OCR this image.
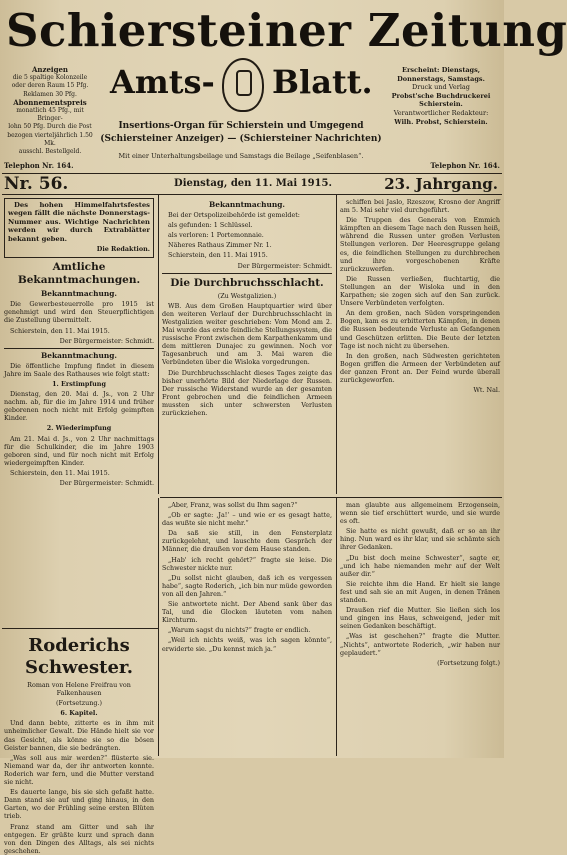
Schiersteiner Zeitung
Anzeigen
die 5 spaltige Kolonzeile
oder deren Raum 15 Pfg.
Reklamen 30 Pfg.
Abonnementspreis
monatlich 45 Pfg., mit Bringer-
lohn 50 Pfg. Durch die Post
bezogen vierteljährlich 1.50 Mk.
ausschl. Bestellgeld.
Amts- Blatt.	Erscheint: Dienstags,
Donnerstags, Samstags.
Druck und Verlag
Probst'sche Buchdruckerei
Schierstein.
Verantwortlicher Redakteur:
Wilh. Probst, Schierstein.
Insertions-Organ für Schierstein und Umgegend
(Schiersteiner Anzeiger) — (Schiersteiner Nachrichten)
Mit einer Unterhaltungsbeilage und Samstags die Beilage „Seifenblasen“.
Telephon Nr. 164.	Telephon Nr. 164.
Nr. 56.	Dienstag, den 11. Mai 1915.	23. Jahrgang.

Des hohen Himmelfahrtsfestes wegen fällt die nächste Donnerstags-Nummer aus. Wichtige Nachrichten werden wir durch Extrablätter bekannt geben.

Die Redaktion.

Amtliche Bekanntmachungen.
Bekanntmachung.

Die Gewerbesteuerrolle pro 1915 ist genehmigt und wird den Steuerpflichtigen die Zustellung übermittelt.

Schierstein, den 11. Mai 1915.

Der Bürgermeister: Schmidt.

Bekanntmachung.

Die öffentliche Impfung findet in diesem Jahre im Saale des Rathauses wie folgt statt:

1. Erstimpfung

Dienstag, den 20. Mai d. Js., von 2 Uhr nachm. ab, für die im Jahre 1914 und früher geborenen noch nicht mit Erfolg geimpften Kinder.

2. Wiederimpfung

Am 21. Mai d. Js., von 2 Uhr nachmittags für die Schulkinder, die im Jahre 1903 geboren sind, und für noch nicht mit Erfolg wiedergeimpften Kinder.

Schierstein, den 11. Mai 1915.

Der Bürgermeister: Schmidt.

Bekanntmachung.

Bei der Ortspolizeibehörde ist gemeldet:

als gefunden: 1 Schlüssel.

als verloren: 1 Portemonnaie.

Näheres Rathaus Zimmer Nr. 1.

Schierstein, den 11. Mai 1915.

Der Bürgermeister: Schmidt.

Die Durchbruchsschlacht.

(Zu Westgalizien.)

WB. Aus dem Großen Hauptquartier wird über den weiteren Verlauf der Durchbruchsschlacht in Westgalizien weiter geschrieben: Vom Mond am 2. Mai wurde das erste feindliche Stellungssystem, die russische Front zwischen dem Karpathenkamm und dem mittleren Dunajec zu gewinnen. Noch vor Tagesanbruch und am 3. Mai waren die Verbündeten über die Wisloka vorgedrungen.

Die Durchbruchsschlacht dieses Tages zeigte das bisher unerhörte Bild der Niederlage der Russen. Der russische Widerstand wurde an der gesamten Front gebrochen und die feindlichen Armeen mussten sich unter schwersten Verlusten zurückziehen.

schiffen bei Jaslo, Rzeszow, Krosno der Angriff am 5. Mai sehr viel durchgeführt.

Die Truppen des Generals von Emmich kämpften an diesem Tage nach den Russen heiß, während die Russen unter großen Verlusten Stellungen verloren. Der Heeresgruppe gelang es, die feindlichen Stellungen zu durchbrechen und ihre vorgeschobenen Kräfte zurückzuwerfen.

Die Russen verließen, fluchtartig, die Stellungen an der Wisloka und in den Karpathen; sie zogen sich auf den San zurück. Unsere Verbündeten verfolgten.

An dem großen, nach Süden vorspringenden Bogen, kam es zu erbitterten Kämpfen, in denen die Russen bedeutende Verluste an Gefangenen und Geschützen erlitten. Die Beute der letzten Tage ist noch nicht zu übersehen.

In den großen, nach Südwesten gerichteten Bogen griffen die Armeen der Verbündeten auf der ganzen Front an. Der Feind wurde überall zurückgeworfen.

Wt. Nal.

Roderichs Schwester.

Roman von Helene Freifrau von Falkenhausen

(Fortsetzung.)

6. Kapitel.

Und dann bebte, zitterte es in ihm mit unheimlicher Gewalt. Die Hände hielt sie vor das Gesicht, als könne sie so die bösen Geister bannen, die sie bedrängten.

„Was soll aus mir werden?“ flüsterte sie. Niemand war da, der ihr antworten konnte. Roderich war fern, und die Mutter verstand sie nicht.

Es dauerte lange, bis sie sich gefaßt hatte. Dann stand sie auf und ging hinaus, in den Garten, wo der Frühling seine ersten Blüten trieb.

Franz stand am Gitter und sah ihr entgegen. Er grüßte kurz und sprach dann von den Dingen des Alltags, als sei nichts geschehen.

„Aber, Franz, was sollst du Ihm sagen?“

„Ob er sagte: ‚Ja!‘ – und wie er es gesagt hatte, das wußte sie nicht mehr.“

Da saß sie still, in den Fensterplatz zurückgelehnt, und lauschte dem Gespräch der Männer, die draußen vor dem Hause standen.

„Hab' ich recht gehört?“ fragte sie leise. Die Schwester nickte nur.

„Du sollst nicht glauben, daß ich es vergessen habe“, sagte Roderich, „ich bin nur müde geworden von all den Jahren.“

Sie antwortete nicht. Der Abend sank über das Tal, und die Glocken läuteten vom nahen Kirchturm.

„Warum sagst du nichts?“ fragte er endlich.

„Weil ich nichts weiß, was ich sagen könnte“, erwiderte sie. „Du kennst mich ja.“

man glaubte aus allgemeinem Erzogensein, wenn sie tief erschüttert wurde, und sie wurde es oft.

Sie hatte es nicht gewußt, daß er so an ihr hing. Nun ward es ihr klar, und sie schämte sich ihrer Gedanken.

„Du bist doch meine Schwester“, sagte er, „und ich habe niemanden mehr auf der Welt außer dir.“

Sie reichte ihm die Hand. Er hielt sie lange fest und sah sie an mit Augen, in denen Tränen standen.

Draußen rief die Mutter. Sie ließen sich los und gingen ins Haus, schweigend, jeder mit seinen Gedanken beschäftigt.

„Was ist geschehen?“ fragte die Mutter. „Nichts“, antwortete Roderich, „wir haben nur geplaudert.“

(Fortsetzung folgt.)
